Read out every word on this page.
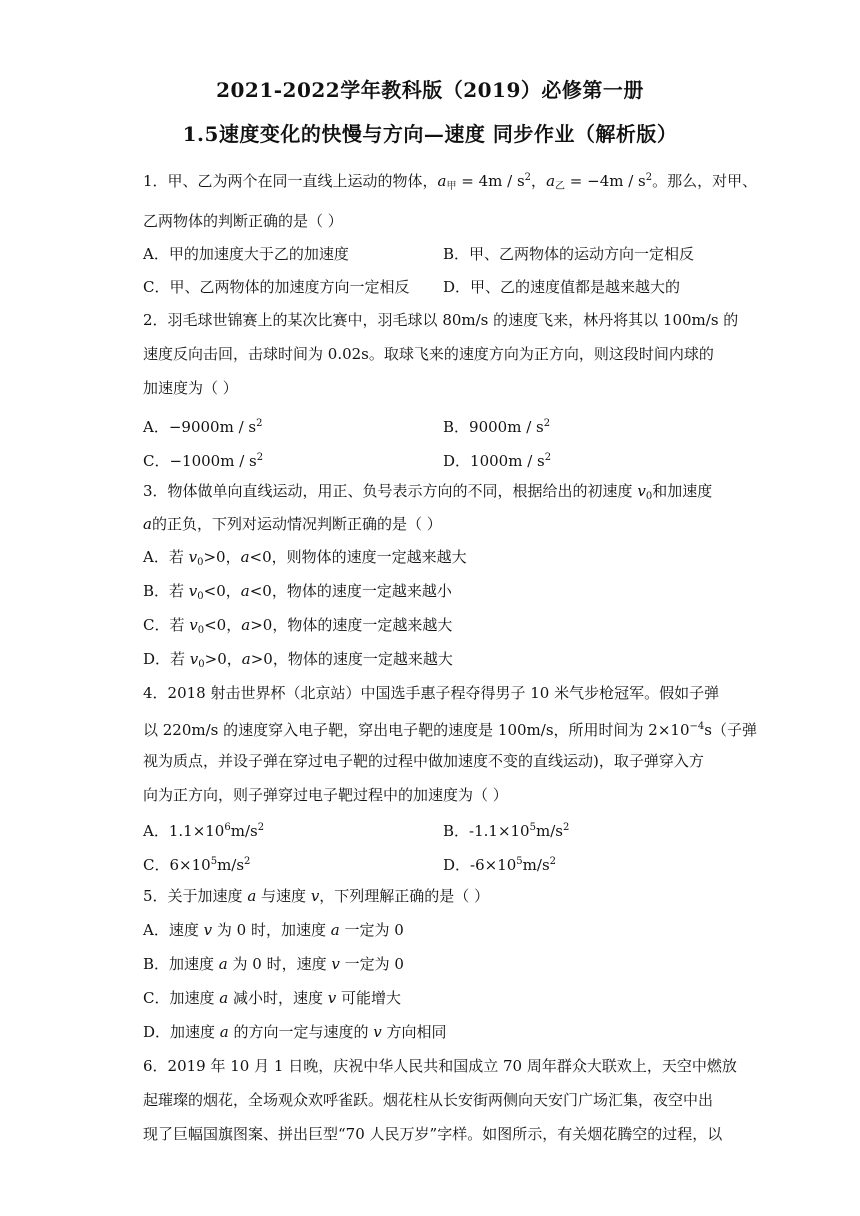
2021-2022学年教科版（2019）必修第一册
1.5速度变化的快慢与方向—速度 同步作业（解析版）
1．甲、乙为两个在同一直线上运动的物体，$a_甲 = 4m / s^2$，$a_乙 = -4m / s^2$。那么，对甲、
乙两物体的判断正确的是（ ）
A．甲的加速度大于乙的加速度	B．甲、乙两物体的运动方向一定相反
C．甲、乙两物体的加速度方向一定相反	D．甲、乙的速度值都是越来越大的
2．羽毛球世锦赛上的某次比赛中，羽毛球以 80m/s 的速度飞来，林丹将其以 100m/s 的
速度反向击回，击球时间为 0.02s。取球飞来的速度方向为正方向，则这段时间内球的
加速度为（ ）
A．$-9000m / s^2$	B．$9000m / s^2$
C．$-1000m / s^2$	D．$1000m / s^2$
3．物体做单向直线运动，用正、负号表示方向的不同，根据给出的初速度 $v_0$和加速度
a的正负，下列对运动情况判断正确的是（ ）
A．若 $v_0>0$，a<0，则物体的速度一定越来越大
B．若 $v_0<0$，a<0，物体的速度一定越来越小
C．若 $v_0<0$，a>0，物体的速度一定越来越大
D．若 $v_0>0$，a>0，物体的速度一定越来越大
4．2018 射击世界杯（北京站）中国选手惠子程夺得男子 10 米气步枪冠军。假如子弹
以 220m/s 的速度穿入电子靶，穿出电子靶的速度是 100m/s，所用时间为 $2\times 10^{-4}s$（子弹
视为质点，并设子弹在穿过电子靶的过程中做加速度不变的直线运动)，取子弹穿入方
向为正方向，则子弹穿过电子靶过程中的加速度为（ ）
A．$1.1\times 10^6m/s^2$	B．$-1.1\times 10^5m/s^2$
C．$6\times 10^5m/s^2$	D．$-6\times 10^5m/s^2$
5．关于加速度 a 与速度 v，下列理解正确的是（ ）
A．速度 v 为 0 时，加速度 a 一定为 0
B．加速度 a 为 0 时，速度 v 一定为 0
C．加速度 a 减小时，速度 v 可能增大
D．加速度 a 的方向一定与速度的 v 方向相同
6．2019 年 10 月 1 日晚，庆祝中华人民共和国成立 70 周年群众大联欢上，天空中燃放
起璀璨的烟花，全场观众欢呼雀跃。烟花柱从长安街两侧向天安门广场汇集，夜空中出
现了巨幅国旗图案、拼出巨型“70 人民万岁”字样。如图所示，有关烟花腾空的过程，以
